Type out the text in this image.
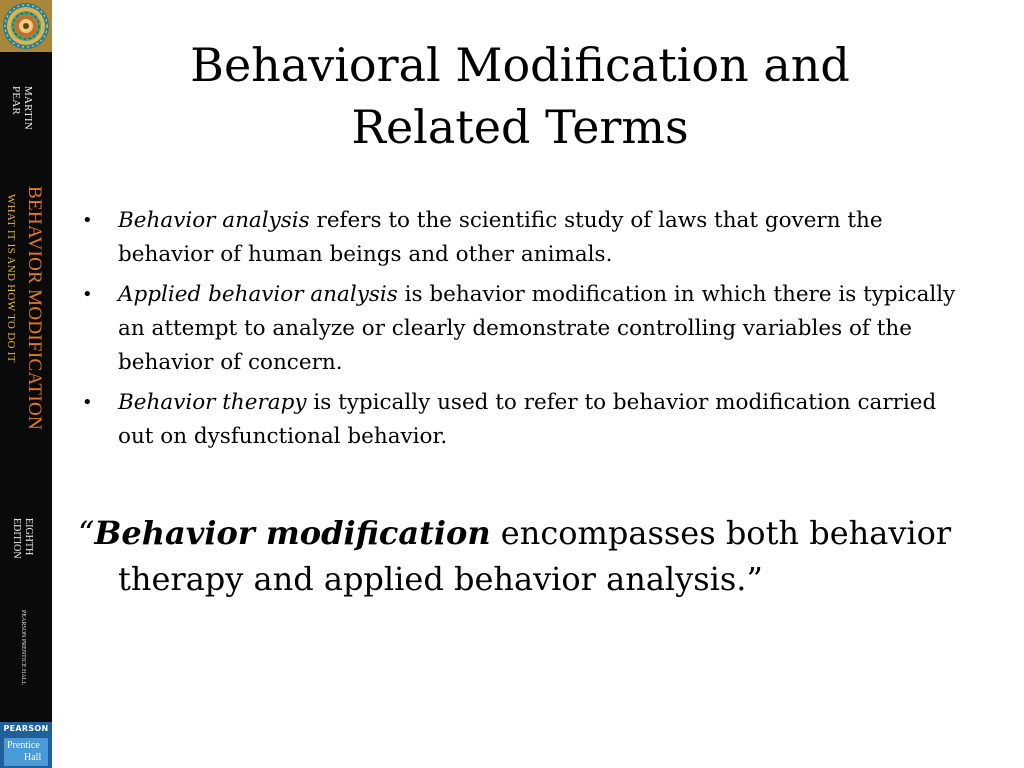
MARTIN
PEAR
BEHAVIOR MODIFICATION
WHAT IT IS AND HOW TO DO IT
EIGHTH
EDITION
PEARSON PRENTICE HALL
PEARSON
Prentice
Hall
Behavioral Modification and Related Terms
• Behavior analysis refers to the scientific study of laws that govern the behavior of human beings and other animals.
• Applied behavior analysis is behavior modification in which there is typically an attempt to analyze or clearly demonstrate controlling variables of the behavior of concern.
• Behavior therapy is typically used to refer to behavior modification carried out on dysfunctional behavior.
“Behavior modification encompasses both behavior therapy and applied behavior analysis.”
